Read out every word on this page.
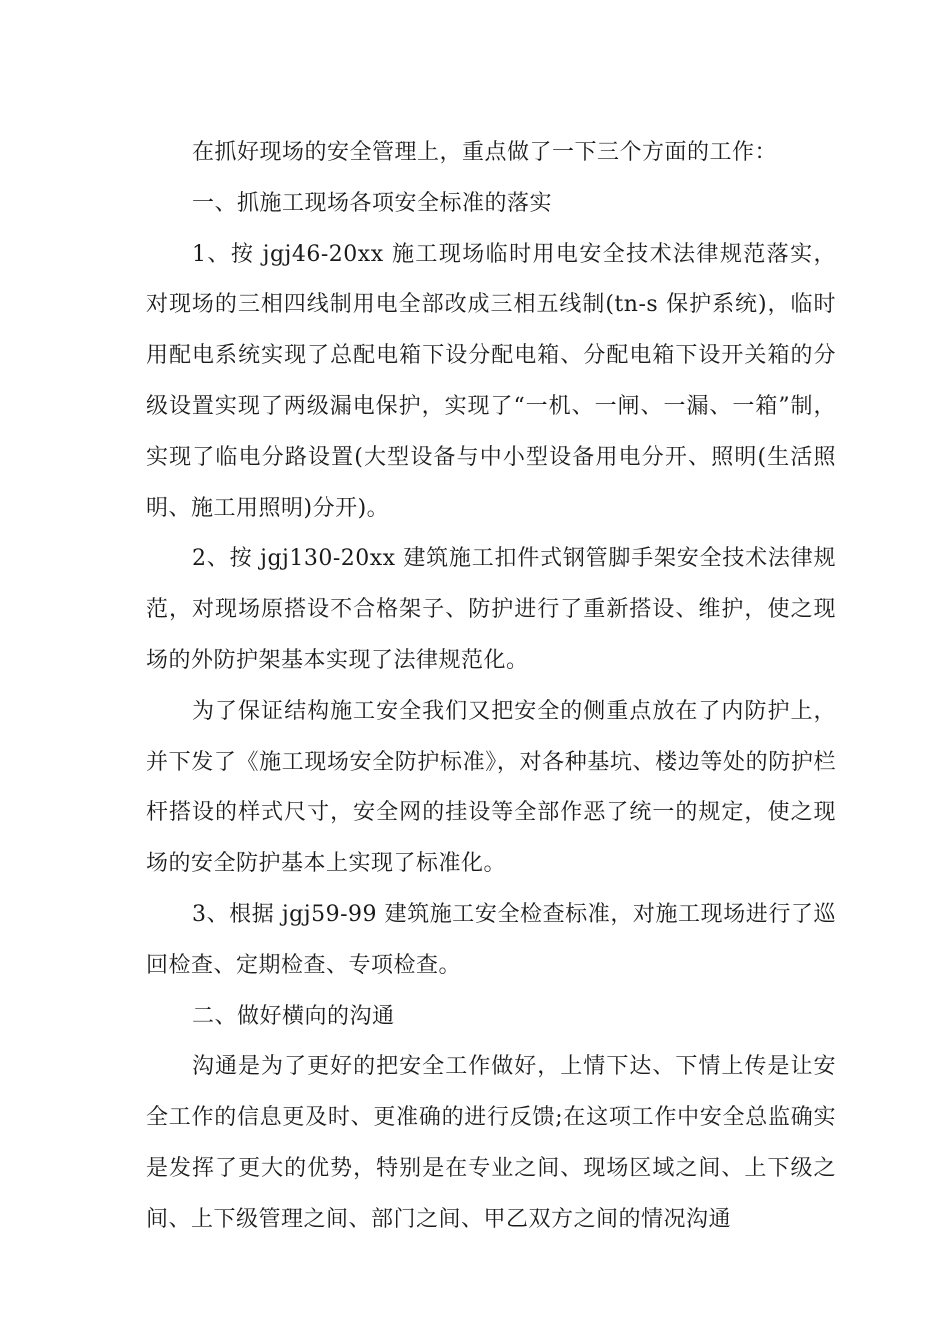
在抓好现场的安全管理上，重点做了一下三个方面的工作：

一、抓施工现场各项安全标准的落实

1、按 jgj46-20xx 施工现场临时用电安全技术法律规范落实，对现场的三相四线制用电全部改成三相五线制(tn-s 保护系统)，临时用配电系统实现了总配电箱下设分配电箱、分配电箱下设开关箱的分级设置实现了两级漏电保护，实现了“一机、一闸、一漏、一箱”制，实现了临电分路设置(大型设备与中小型设备用电分开、照明(生活照明、施工用照明)分开)。

2、按 jgj130-20xx 建筑施工扣件式钢管脚手架安全技术法律规范，对现场原搭设不合格架子、防护进行了重新搭设、维护，使之现场的外防护架基本实现了法律规范化。

为了保证结构施工安全我们又把安全的侧重点放在了内防护上，并下发了《施工现场安全防护标准》，对各种基坑、楼边等处的防护栏杆搭设的样式尺寸，安全网的挂设等全部作恶了统一的规定，使之现场的安全防护基本上实现了标准化。

3、根据 jgj59-99 建筑施工安全检查标准，对施工现场进行了巡回检查、定期检查、专项检查。

二、做好横向的沟通

沟通是为了更好的把安全工作做好，上情下达、下情上传是让安全工作的信息更及时、更准确的进行反馈;在这项工作中安全总监确实是发挥了更大的优势，特别是在专业之间、现场区域之间、上下级之间、上下级管理之间、部门之间、甲乙双方之间的情况沟通
